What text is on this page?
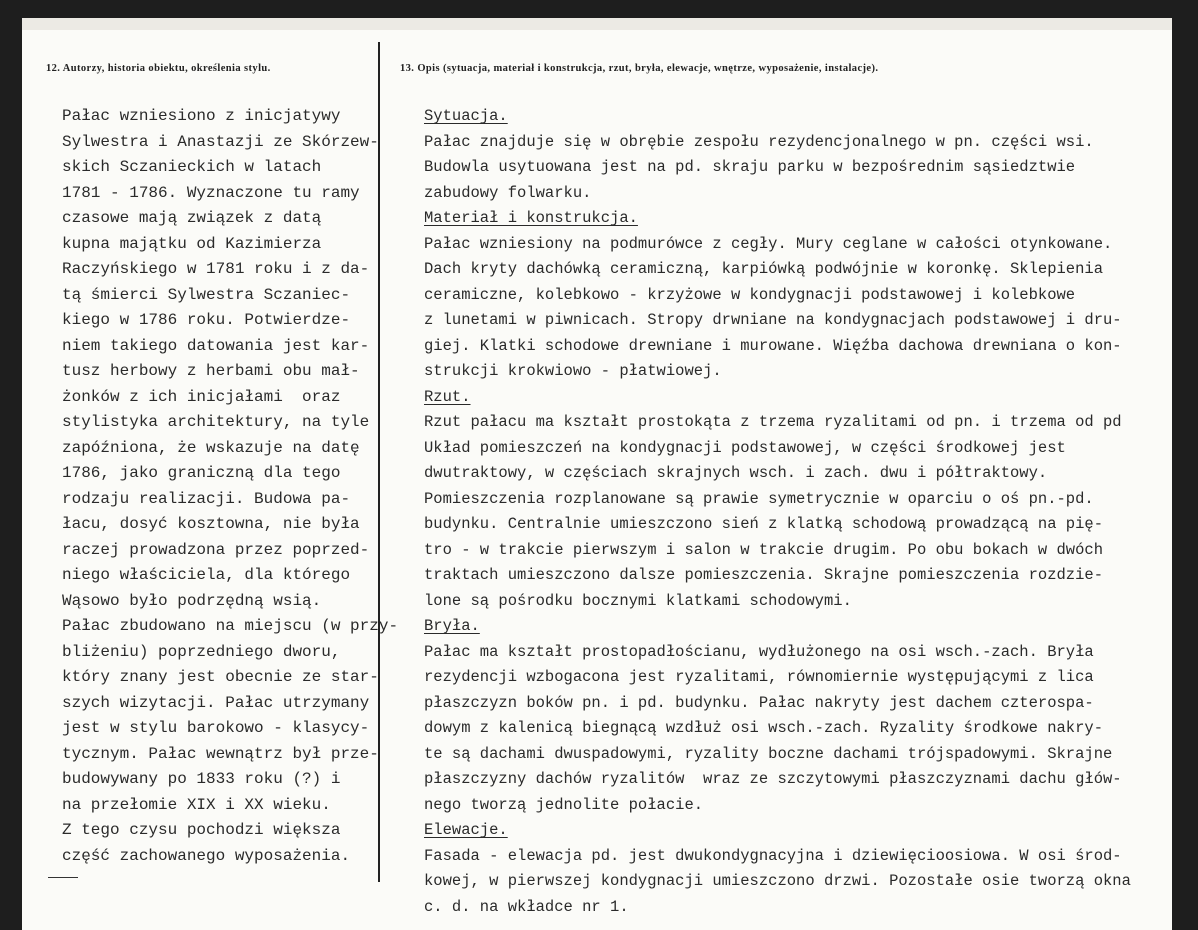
12. Autorzy, historia obiektu, określenia stylu.	13. Opis (sytuacja, materiał i konstrukcja, rzut, bryła, elewacje, wnętrze, wyposażenie, instalacje).
Pałac wzniesiono z inicjatywy
Sylwestra i Anastazji ze Skórzew-
skich Sczanieckich w latach
1781 - 1786. Wyznaczone tu ramy
czasowe mają związek z datą
kupna majątku od Kazimierza
Raczyńskiego w 1781 roku i z da-
tą śmierci Sylwestra Sczaniec-
kiego w 1786 roku. Potwierdze-
niem takiego datowania jest kar-
tusz herbowy z herbami obu mał-
żonków z ich inicjałami  oraz
stylistyka architektury, na tyle
zapóźniona, że wskazuje na datę
1786, jako graniczną dla tego
rodzaju realizacji. Budowa pa-
łacu, dosyć kosztowna, nie była
raczej prowadzona przez poprzed-
niego właściciela, dla którego
Wąsowo było podrzędną wsią.
Pałac zbudowano na miejscu (w przy-
bliżeniu) poprzedniego dworu,
który znany jest obecnie ze star-
szych wizytacji. Pałac utrzymany
jest w stylu barokowo - klasycy-
tycznym. Pałac wewnątrz był prze-
budowywany po 1833 roku (?) i
na przełomie XIX i XX wieku.
Z tego czysu pochodzi większa
część zachowanego wyposażenia.
Sytuacja.
Pałac znajduje się w obrębie zespołu rezydencjonalnego w pn. części wsi.
Budowla usytuowana jest na pd. skraju parku w bezpośrednim sąsiedztwie
zabudowy folwarku.
Materiał i konstrukcja.
Pałac wzniesiony na podmurówce z cegły. Mury ceglane w całości otynkowane.
Dach kryty dachówką ceramiczną, karpiówką podwójnie w koronkę. Sklepienia
ceramiczne, kolebkowo - krzyżowe w kondygnacji podstawowej i kolebkowe
z lunetami w piwnicach. Stropy drwniane na kondygnacjach podstawowej i dru-
giej. Klatki schodowe drewniane i murowane. Więźba dachowa drewniana o kon-
strukcji krokwiowo - płatwiowej.
Rzut.
Rzut pałacu ma kształt prostokąta z trzema ryzalitami od pn. i trzema od pd
Układ pomieszczeń na kondygnacji podstawowej, w części środkowej jest
dwutraktowy, w częściach skrajnych wsch. i zach. dwu i półtraktowy.
Pomieszczenia rozplanowane są prawie symetrycznie w oparciu o oś pn.-pd.
budynku. Centralnie umieszczono sień z klatką schodową prowadzącą na pię-
tro - w trakcie pierwszym i salon w trakcie drugim. Po obu bokach w dwóch
traktach umieszczono dalsze pomieszczenia. Skrajne pomieszczenia rozdzie-
lone są pośrodku bocznymi klatkami schodowymi.
Bryła.
Pałac ma kształt prostopadłościanu, wydłużonego na osi wsch.-zach. Bryła
rezydencji wzbogacona jest ryzalitami, równomiernie występującymi z lica
płaszczyzn boków pn. i pd. budynku. Pałac nakryty jest dachem czterospa-
dowym z kalenicą biegnącą wzdłuż osi wsch.-zach. Ryzality środkowe nakry-
te są dachami dwuspadowymi, ryzality boczne dachami trójspadowymi. Skrajne
płaszczyzny dachów ryzalitów  wraz ze szczytowymi płaszczyznami dachu głów-
nego tworzą jednolite połacie.
Elewacje.
Fasada - elewacja pd. jest dwukondygnacyjna i dziewięcioosiowa. W osi środ-
kowej, w pierwszej kondygnacji umieszczono drzwi. Pozostałe osie tworzą okna
c. d. na wkładce nr 1.
